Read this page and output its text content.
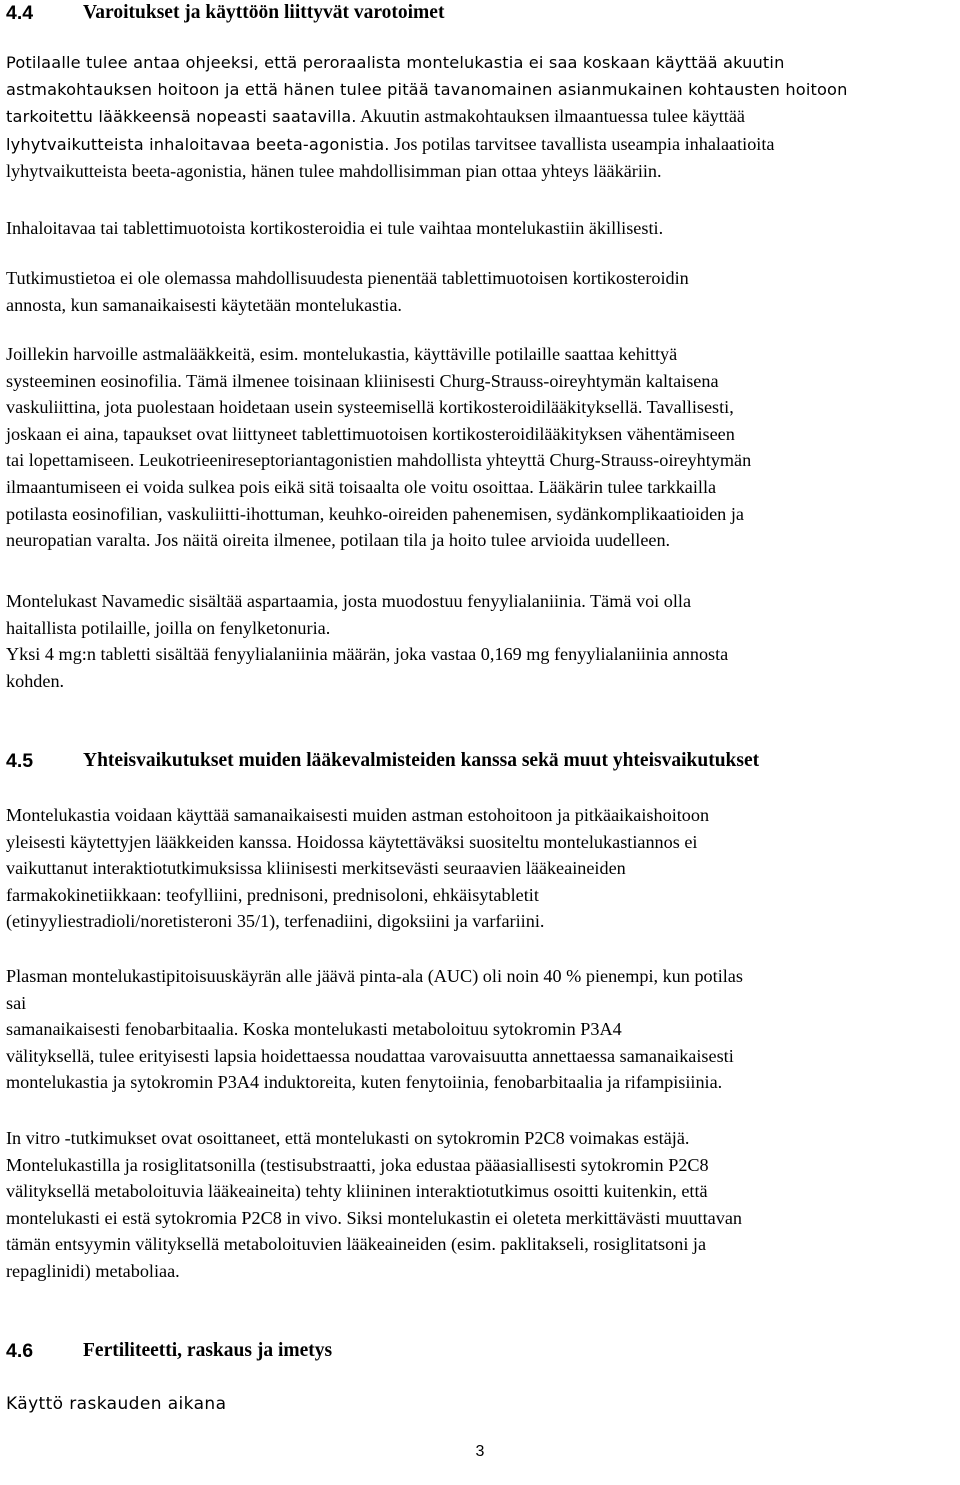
4.4	Varoitukset ja käyttöön liittyvät varotoimet
Potilaalle tulee antaa ohjeeksi, että peroraalista montelukastia ei saa koskaan käyttää akuutin
astmakohtauksen hoitoon ja että hänen tulee pitää tavanomainen asianmukainen kohtausten hoitoon
tarkoitettu lääkkeensä nopeasti saatavilla. Akuutin astmakohtauksen ilmaantuessa tulee käyttää
lyhytvaikutteista inhaloitavaa beeta-agonistia. Jos potilas tarvitsee tavallista useampia inhalaatioita
lyhytvaikutteista beeta-agonistia, hänen tulee mahdollisimman pian ottaa yhteys lääkäriin.
Inhaloitavaa tai tablettimuotoista kortikosteroidia ei tule vaihtaa montelukastiin äkillisesti.
Tutkimustietoa ei ole olemassa mahdollisuudesta pienentää tablettimuotoisen kortikosteroidin
annosta, kun samanaikaisesti käytetään montelukastia.
Joillekin harvoille astmalääkkeitä, esim. montelukastia, käyttäville potilaille saattaa kehittyä
systeeminen eosinofilia. Tämä ilmenee toisinaan kliinisesti Churg-Strauss-oireyhtymän kaltaisena
vaskuliittina, jota puolestaan hoidetaan usein systeemisellä kortikosteroidilääkityksellä. Tavallisesti,
joskaan ei aina, tapaukset ovat liittyneet tablettimuotoisen kortikosteroidilääkityksen vähentämiseen
tai lopettamiseen. Leukotrieenireseptoriantagonistien mahdollista yhteyttä Churg-Strauss-oireyhtymän
ilmaantumiseen ei voida sulkea pois eikä sitä toisaalta ole voitu osoittaa. Lääkärin tulee tarkkailla
potilasta eosinofilian, vaskuliitti-ihottuman, keuhko-oireiden pahenemisen, sydänkomplikaatioiden ja
neuropatian varalta. Jos näitä oireita ilmenee, potilaan tila ja hoito tulee arvioida uudelleen.
Montelukast Navamedic sisältää aspartaamia, josta muodostuu fenyylialaniinia. Tämä voi olla
haitallista potilaille, joilla on fenylketonuria.
Yksi 4 mg:n tabletti sisältää fenyylialaniinia määrän, joka vastaa 0,169 mg fenyylialaniinia annosta
kohden.
4.5	Yhteisvaikutukset muiden lääkevalmisteiden kanssa sekä muut yhteisvaikutukset
Montelukastia voidaan käyttää samanaikaisesti muiden astman estohoitoon ja pitkäaikaishoitoon
yleisesti käytettyjen lääkkeiden kanssa. Hoidossa käytettäväksi suositeltu montelukastiannos ei
vaikuttanut interaktiotutkimuksissa kliinisesti merkitsevästi seuraavien lääkeaineiden
farmakokinetiikkaan: teofylliini, prednisoni, prednisoloni, ehkäisytabletit
(etinyyliestradioli/noretisteroni 35/1), terfenadiini, digoksiini ja varfariini.
Plasman montelukastipitoisuuskäyrän alle jäävä pinta-ala (AUC) oli noin 40 % pienempi, kun potilas
sai
samanaikaisesti fenobarbitaalia. Koska montelukasti metaboloituu sytokromin P3A4
välityksellä, tulee erityisesti lapsia hoidettaessa noudattaa varovaisuutta annettaessa samanaikaisesti
montelukastia ja sytokromin P3A4 induktoreita, kuten fenytoiinia, fenobarbitaalia ja rifampisiinia.
In vitro -tutkimukset ovat osoittaneet, että montelukasti on sytokromin P2C8 voimakas estäjä.
Montelukastilla ja rosiglitatsonilla (testisubstraatti, joka edustaa pääasiallisesti sytokromin P2C8
välityksellä metaboloituvia lääkeaineita) tehty kliininen interaktiotutkimus osoitti kuitenkin, että
montelukasti ei estä sytokromia P2C8 in vivo. Siksi montelukastin ei oleteta merkittävästi muuttavan
tämän entsyymin välityksellä metaboloituvien lääkeaineiden (esim. paklitakseli, rosiglitatsoni ja
repaglinidi) metaboliaa.
4.6	Fertiliteetti, raskaus ja imetys
Käyttö raskauden aikana
3
